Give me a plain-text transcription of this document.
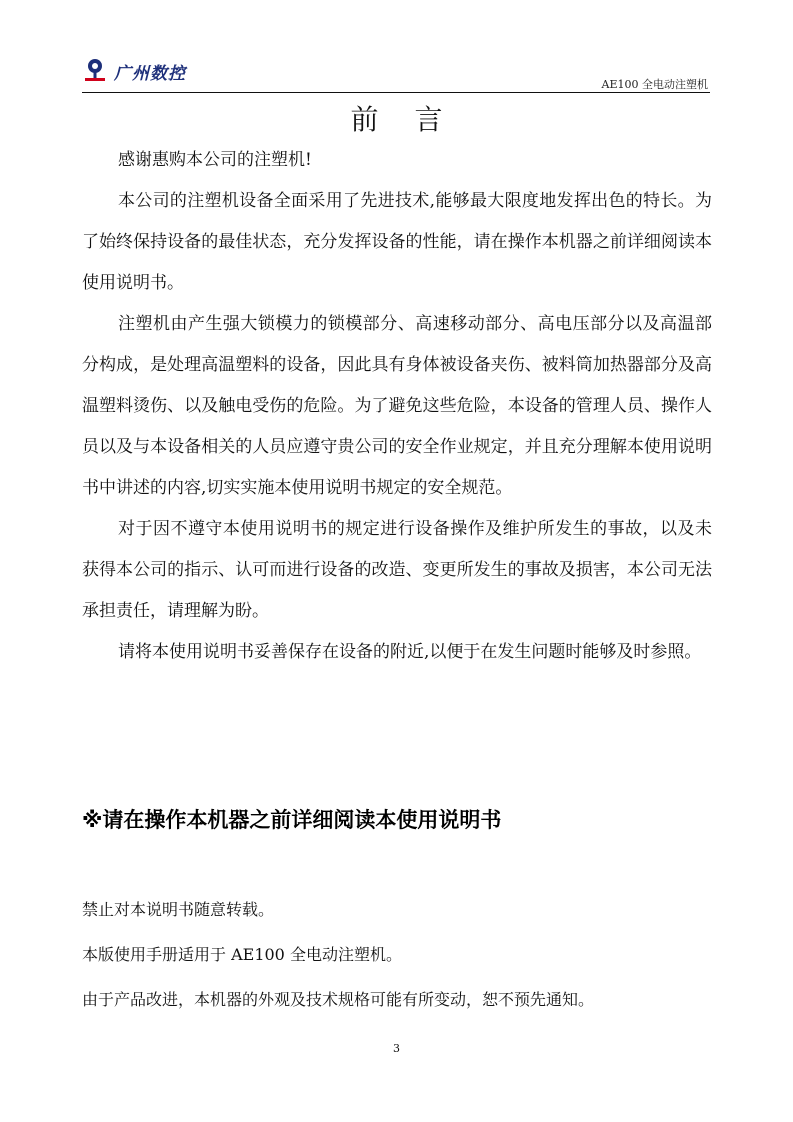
广州数控
AE100 全电动注塑机
前言

感谢惠购本公司的注塑机!

本公司的注塑机设备全面采用了先进技术,能够最大限度地发挥出色的特长。为了始终保持设备的最佳状态，充分发挥设备的性能，请在操作本机器之前详细阅读本使用说明书。

注塑机由产生强大锁模力的锁模部分、高速移动部分、高电压部分以及高温部分构成，是处理高温塑料的设备，因此具有身体被设备夹伤、被料筒加热器部分及高温塑料烫伤、以及触电受伤的危险。为了避免这些危险，本设备的管理人员、操作人员以及与本设备相关的人员应遵守贵公司的安全作业规定，并且充分理解本使用说明书中讲述的内容,切实实施本使用说明书规定的安全规范。

对于因不遵守本使用说明书的规定进行设备操作及维护所发生的事故，以及未获得本公司的指示、认可而进行设备的改造、变更所发生的事故及损害，本公司无法承担责任，请理解为盼。

请将本使用说明书妥善保存在设备的附近,以便于在发生问题时能够及时参照。

※请在操作本机器之前详细阅读本使用说明书

禁止对本说明书随意转载。

本版使用手册适用于 AE100 全电动注塑机。

由于产品改进，本机器的外观及技术规格可能有所变动，恕不预先通知。

3
